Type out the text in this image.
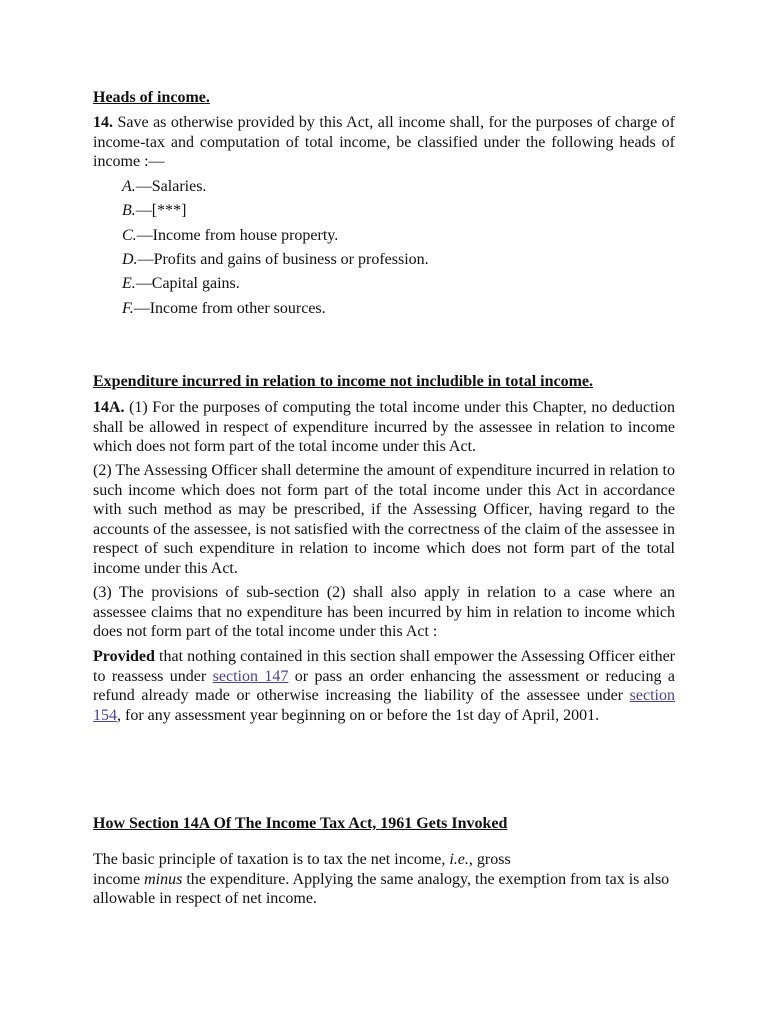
Heads of income.

14. Save as otherwise provided by this Act, all income shall, for the purposes of charge of income-tax and computation of total income, be classified under the following heads of income :—

A.—Salaries.
B.—[***]
C.—Income from house property.
D.—Profits and gains of business or profession.
E.—Capital gains.
F.—Income from other sources.
Expenditure incurred in relation to income not includible in total income.

14A. (1) For the purposes of computing the total income under this Chapter, no deduction shall be allowed in respect of expenditure incurred by the assessee in relation to income which does not form part of the total income under this Act.

(2) The Assessing Officer shall determine the amount of expenditure incurred in relation to such income which does not form part of the total income under this Act in accordance with such method as may be prescribed, if the Assessing Officer, having regard to the accounts of the assessee, is not satisfied with the correctness of the claim of the assessee in respect of such expenditure in relation to income which does not form part of the total income under this Act.

(3) The provisions of sub-section (2) shall also apply in relation to a case where an assessee claims that no expenditure has been incurred by him in relation to income which does not form part of the total income under this Act :

Provided that nothing contained in this section shall empower the Assessing Officer either to reassess under section 147 or pass an order enhancing the assessment or reducing a refund already made or otherwise increasing the liability of the assessee under section 154, for any assessment year beginning on or before the 1st day of April, 2001.

How Section 14A Of The Income Tax Act, 1961 Gets Invoked

The basic principle of taxation is to tax the net income, i.e., gross
income minus the expenditure. Applying the same analogy, the exemption from tax is also allowable in respect of net income.
